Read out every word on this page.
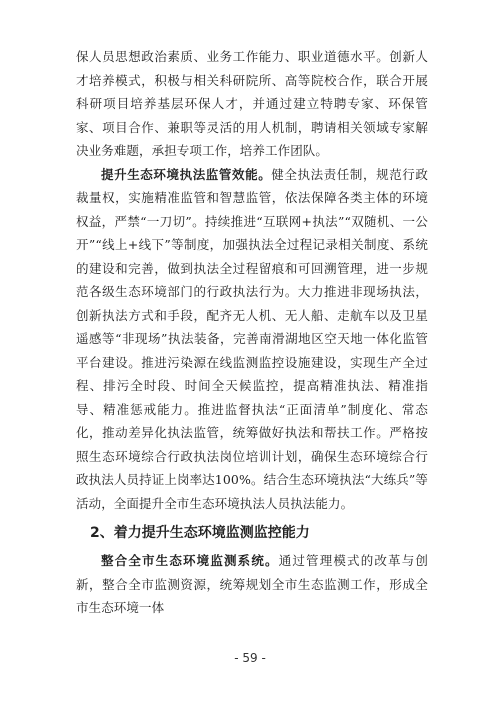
保人员思想政治素质、业务工作能力、职业道德水平。创新人才培养模式，积极与相关科研院所、高等院校合作，联合开展科研项目培养基层环保人才，并通过建立特聘专家、环保管家、项目合作、兼职等灵活的用人机制，聘请相关领域专家解决业务难题，承担专项工作，培养工作团队。

提升生态环境执法监管效能。健全执法责任制，规范行政裁量权，实施精准监管和智慧监管，依法保障各类主体的环境权益，严禁“一刀切”。持续推进“互联网+执法”“双随机、一公开”“线上+线下”等制度，加强执法全过程记录相关制度、系统的建设和完善，做到执法全过程留痕和可回溯管理，进一步规范各级生态环境部门的行政执法行为。大力推进非现场执法，创新执法方式和手段，配齐无人机、无人船、走航车以及卫星遥感等“非现场”执法装备，完善南滑湖地区空天地一体化监管平台建设。推进污染源在线监测监控设施建设，实现生产全过程、排污全时段、时间全天候监控，提高精准执法、精准指导、精准惩戒能力。推进监督执法“正面清单”制度化、常态化，推动差异化执法监管，统筹做好执法和帮扶工作。严格按照生态环境综合行政执法岗位培训计划，确保生态环境综合行政执法人员持证上岗率达100%。结合生态环境执法“大练兵”等活动，全面提升全市生态环境执法人员执法能力。

2、着力提升生态环境监测监控能力

整合全市生态环境监测系统。通过管理模式的改革与创新，整合全市监测资源，统筹规划全市生态监测工作，形成全市生态环境一体

- 59 -
